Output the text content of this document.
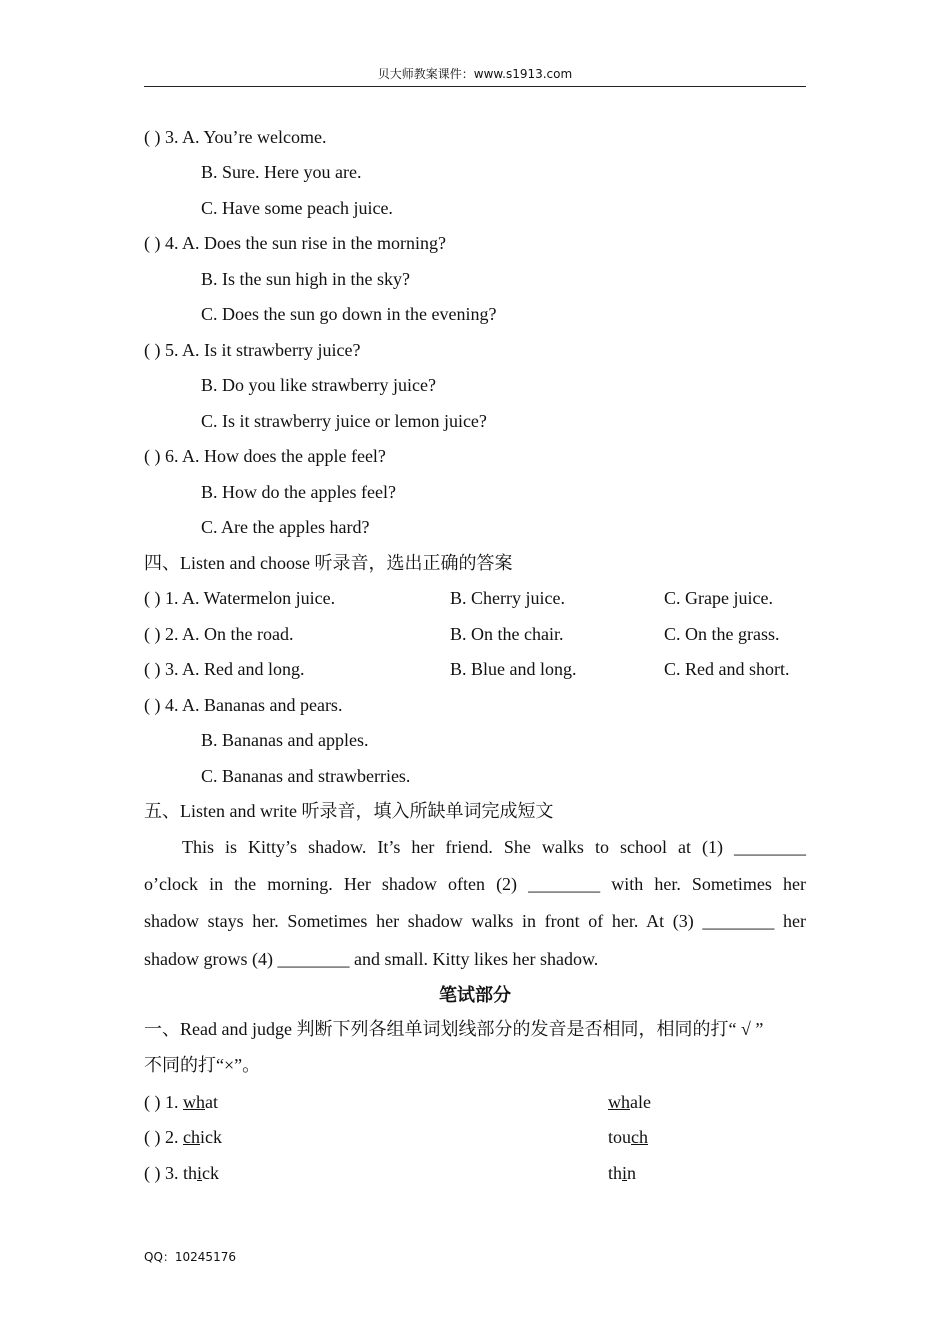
贝大师教案课件：www.s1913.com
( ) 3. A. You’re welcome.
B. Sure. Here you are.
C. Have some peach juice.
( ) 4. A. Does the sun rise in the morning?
B. Is the sun high in the sky?
C. Does the sun go down in the evening?
( ) 5. A. Is it strawberry juice?
B. Do you like strawberry juice?
C. Is it strawberry juice or lemon juice?
( ) 6. A. How does the apple feel?
B. How do the apples feel?
C. Are the apples hard?
四、Listen and choose 听录音，选出正确的答案
( ) 1. A. Watermelon juice.	B. Cherry juice.	C. Grape juice.
( ) 2. A. On the road.	B. On the chair.	C. On the grass.
( ) 3. A. Red and long.	B. Blue and long.	C. Red and short.
( ) 4. A. Bananas and pears.
B. Bananas and apples.
C. Bananas and strawberries.
五、Listen and write 听录音，填入所缺单词完成短文
This is Kitty’s shadow. It’s her friend. She walks to school at (1) ________
o’clock in the morning. Her shadow often (2) ________ with her. Sometimes her
shadow stays her. Sometimes her shadow walks in front of her. At (3) ________ her
shadow grows (4) ________ and small. Kitty likes her shadow.
笔试部分
一、Read and judge 判断下列各组单词划线部分的发音是否相同，相同的打“ √ ”
不同的打“×”。
( ) 1. what	whale
( ) 2. chick	touch
( ) 3. thick	thin
QQ：10245176
